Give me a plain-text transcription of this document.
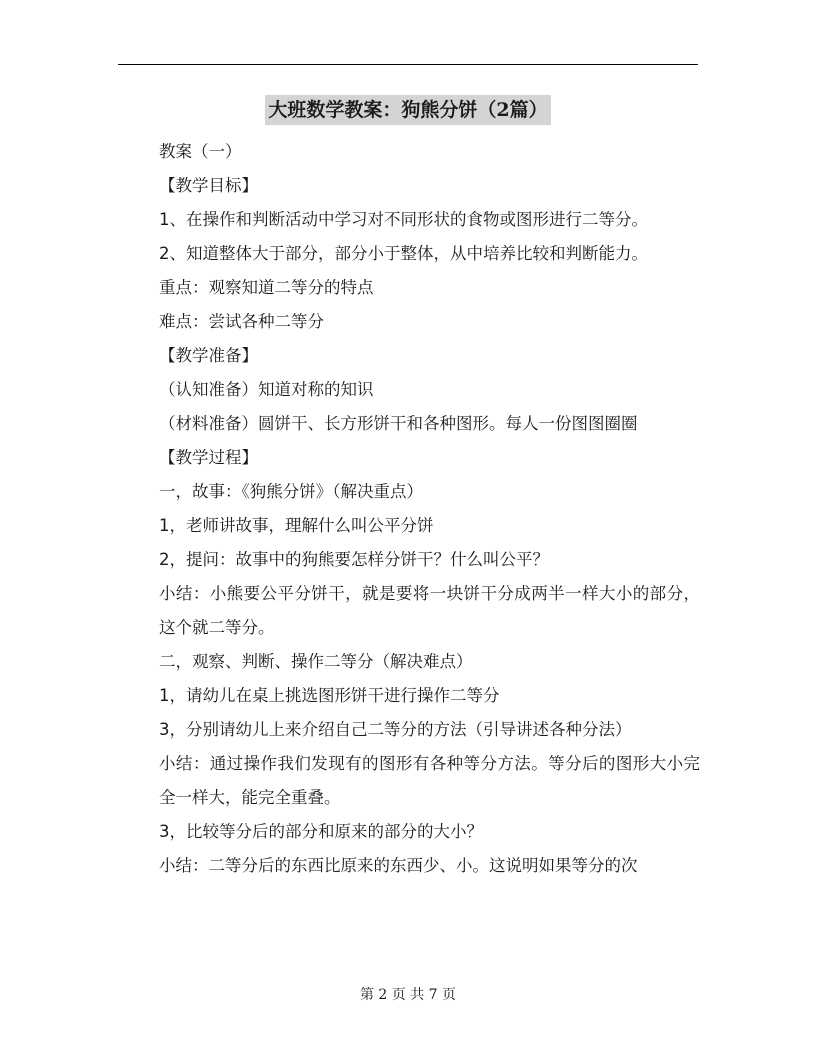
大班数学教案：狗熊分饼（2篇）

教案（一）

【教学目标】

1、在操作和判断活动中学习对不同形状的食物或图形进行二等分。

2、知道整体大于部分，部分小于整体，从中培养比较和判断能力。

重点：观察知道二等分的特点

难点：尝试各种二等分

【教学准备】

（认知准备）知道对称的知识

（材料准备）圆饼干、长方形饼干和各种图形。每人一份图图圈圈

【教学过程】

一，故事：《狗熊分饼》（解决重点）

1，老师讲故事，理解什么叫公平分饼

2，提问：故事中的狗熊要怎样分饼干？什么叫公平？

小结：小熊要公平分饼干，就是要将一块饼干分成两半一样大小的部分，这个就二等分。

二，观察、判断、操作二等分（解决难点）

1，请幼儿在桌上挑选图形饼干进行操作二等分

3，分别请幼儿上来介绍自己二等分的方法（引导讲述各种分法）

小结：通过操作我们发现有的图形有各种等分方法。等分后的图形大小完全一样大，能完全重叠。

3，比较等分后的部分和原来的部分的大小？

小结：二等分后的东西比原来的东西少、小。这说明如果等分的次

第 2 页 共 7 页
